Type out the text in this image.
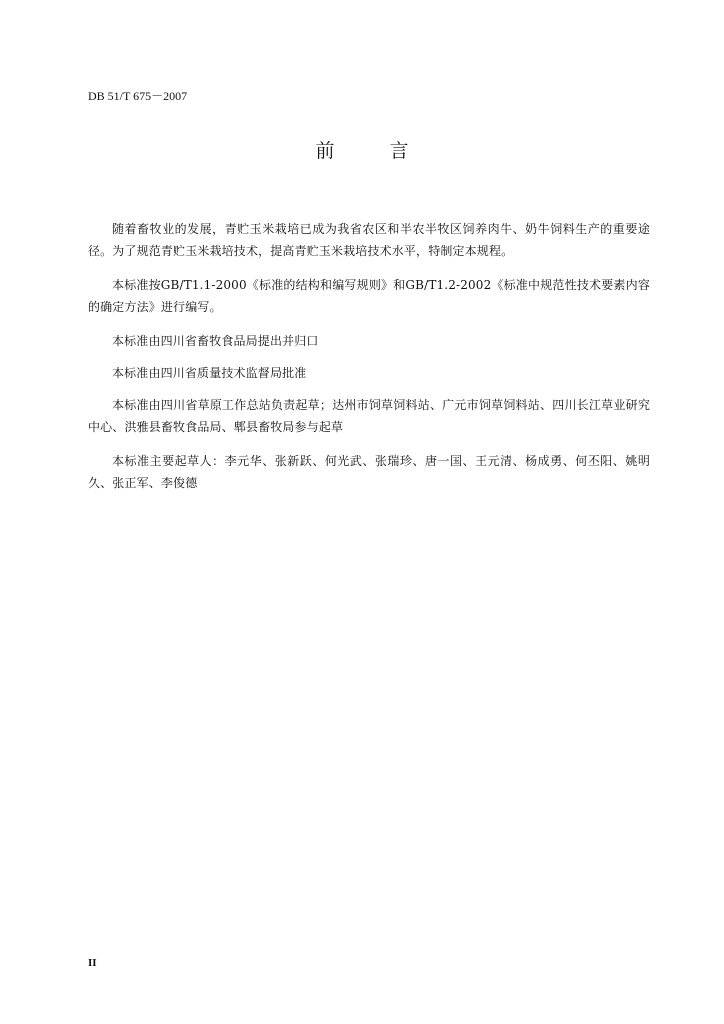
DB 51/T 675－2007
前　言

随着畜牧业的发展，青贮玉米栽培已成为我省农区和半农半牧区饲养肉牛、奶牛饲料生产的重要途径。为了规范青贮玉米栽培技术，提高青贮玉米栽培技术水平，特制定本规程。

本标准按GB/T1.1-2000《标准的结构和编写规则》和GB/T1.2-2002《标准中规范性技术要素内容的确定方法》进行编写。

本标准由四川省畜牧食品局提出并归口

本标准由四川省质量技术监督局批准

本标准由四川省草原工作总站负责起草；达州市饲草饲料站、广元市饲草饲料站、四川长江草业研究中心、洪雅县畜牧食品局、郫县畜牧局参与起草

本标准主要起草人：李元华、张新跃、何光武、张瑞珍、唐一国、王元清、杨成勇、何丕阳、姚明久、张正军、李俊德

II
